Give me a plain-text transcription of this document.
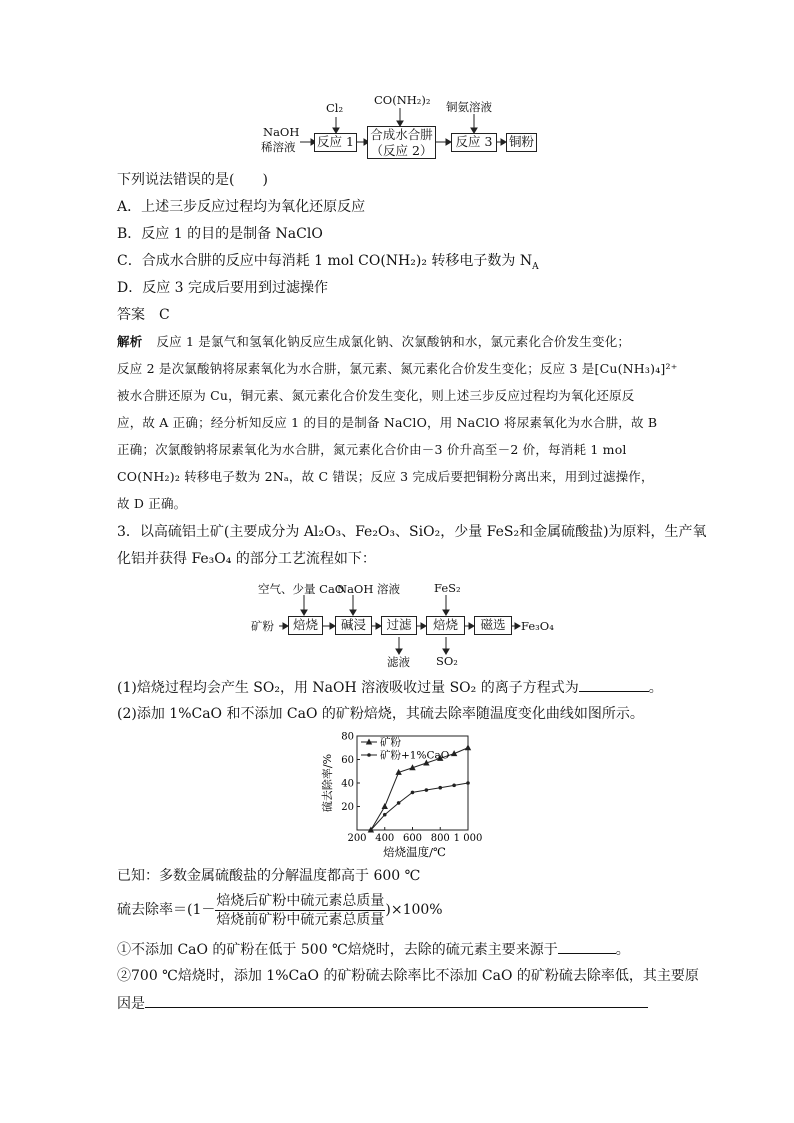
NaOH
稀溶液
Cl₂
CO(NH₂)₂ 铜氨溶液
反应 1 合成水合肼
（反应 2）
反应 3	铜粉
下列说法错误的是(　　)
A．上述三步反应过程均为氧化还原反应
B．反应 1 的目的是制备 NaClO
C．合成水合肼的反应中每消耗 1 mol CO(NH₂)₂ 转移电子数为 $N_A$
D．反应 3 完成后要用到过滤操作
答案 C
解析 反应 1 是氯气和氢氧化钠反应生成氯化钠、次氯酸钠和水，氯元素化合价发生变化；
反应 2 是次氯酸钠将尿素氧化为水合肼，氯元素、氮元素化合价发生变化；反应 3 是[Cu(NH₃)₄]²⁺
被水合肼还原为 Cu，铜元素、氮元素化合价发生变化，则上述三步反应过程均为氧化还原反
应，故 A 正确；经分析知反应 1 的目的是制备 NaClO，用 NaClO 将尿素氧化为水合肼，故 B
正确；次氯酸钠将尿素氧化为水合肼，氮元素化合价由－3 价升高至－2 价，每消耗 1 mol
CO(NH₂)₂ 转移电子数为 2Nₐ，故 C 错误；反应 3 完成后要把铜粉分离出来，用到过滤操作，
故 D 正确。
3．以高硫铝土矿(主要成分为 Al₂O₃、Fe₂O₃、SiO₂，少量 FeS₂和金属硫酸盐)为原料，生产氧
化铝并获得 Fe₃O₄ 的部分工艺流程如下：
空气、少量 CaO
NaOH 溶液	FeS₂
矿粉	焙烧	碱浸	过滤	焙烧	磁选	Fe₃O₄
滤液 SO₂
(1)焙烧过程均会产生 SO₂，用 NaOH 溶液吸收过量 SO₂ 的离子方程式为	。
(2)添加 1%CaO 和不添加 CaO 的矿粉焙烧，其硫去除率随温度变化曲线如图所示。
200 400 600 800 1 000
20
40
60
80
焙烧温度/℃
硫去除率/%
矿粉
矿粉+1%CaO
已知：多数金属硫酸盐的分解温度都高于 600 ℃
硫去除率$=(1- \frac{\text{焙烧后矿粉中硫元素总质量}}{\text{焙烧前矿粉中硫元素总质量}} )\times 100\%$
①不添加 CaO 的矿粉在低于 500 ℃焙烧时，去除的硫元素主要来源于	。
②700 ℃焙烧时，添加 1%CaO 的矿粉硫去除率比不添加 CaO 的矿粉硫去除率低，其主要原
因是
